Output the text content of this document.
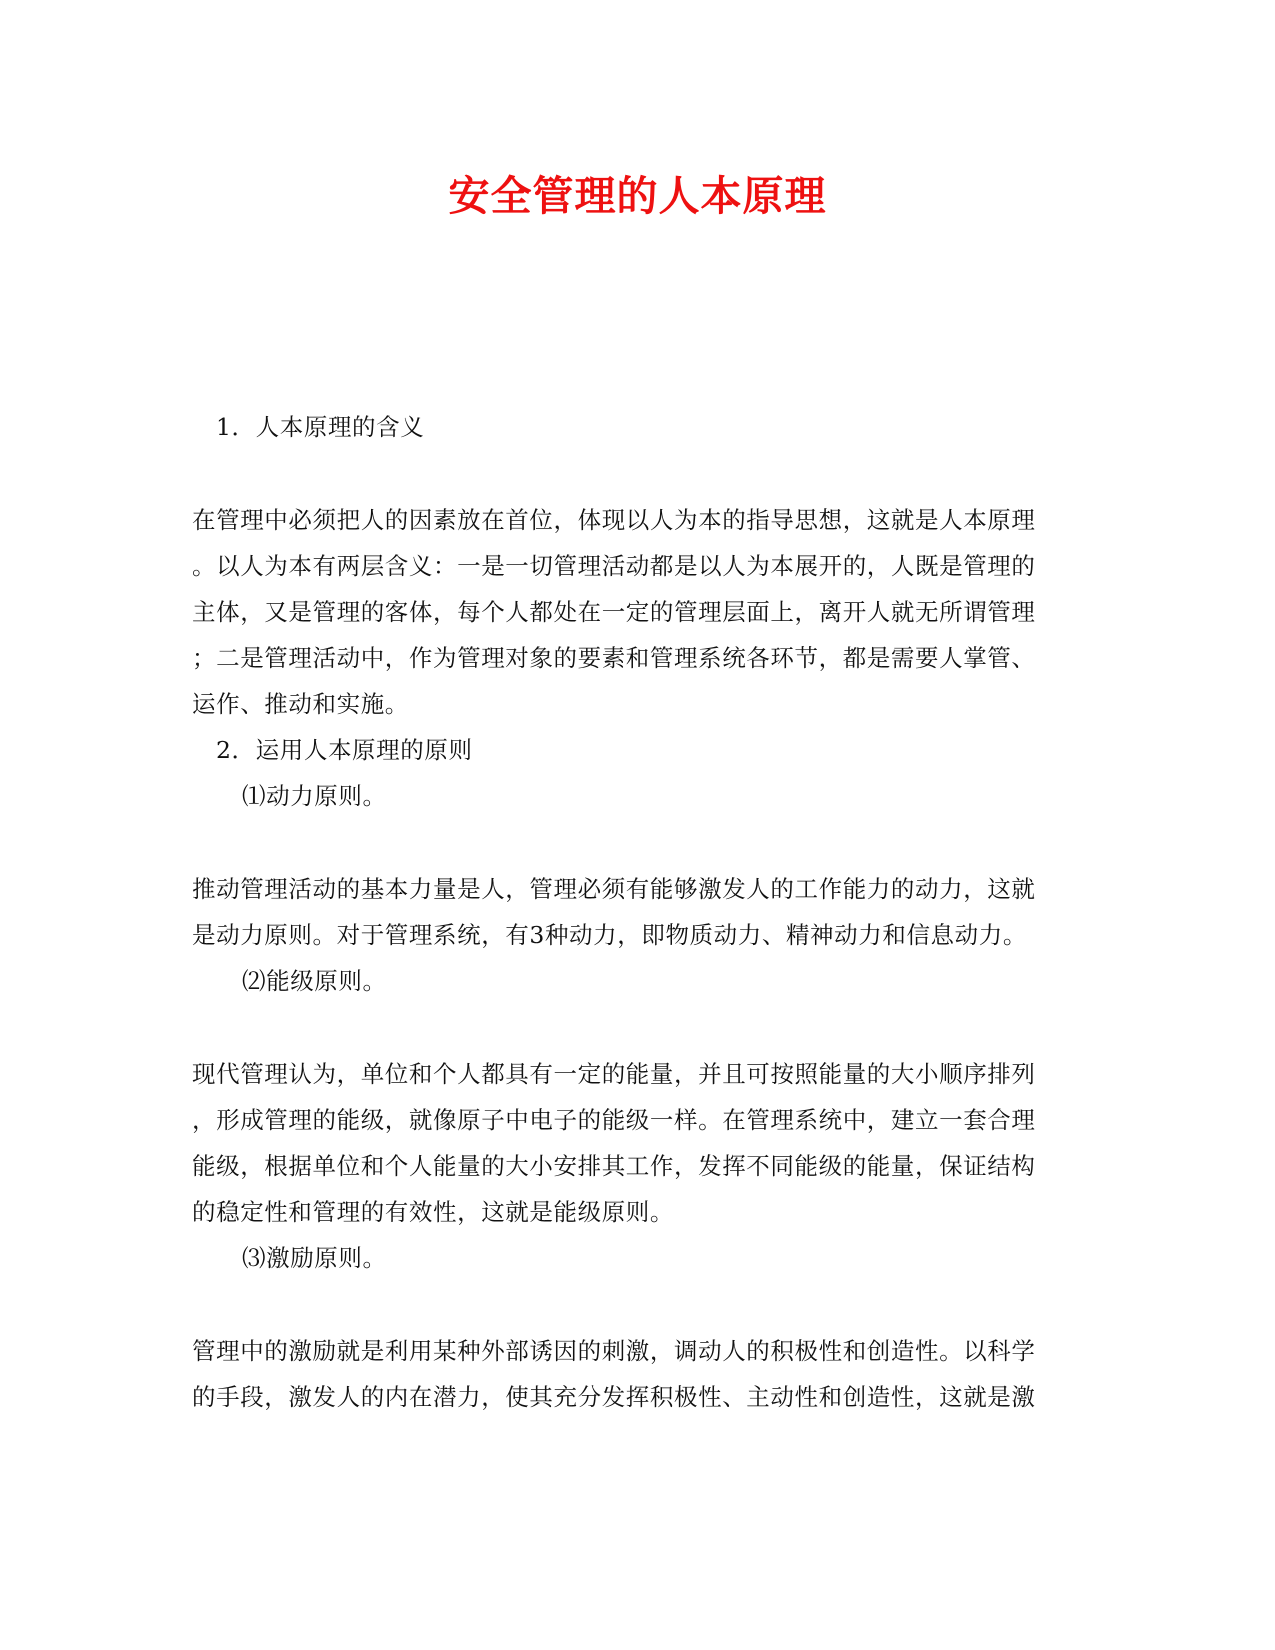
安全管理的人本原理
1．人本原理的含义
在管理中必须把人的因素放在首位，体现以人为本的指导思想，这就是人本原理
。以人为本有两层含义：一是一切管理活动都是以人为本展开的，人既是管理的
主体，又是管理的客体，每个人都处在一定的管理层面上，离开人就无所谓管理
；二是管理活动中，作为管理对象的要素和管理系统各环节，都是需要人掌管、
运作、推动和实施。
2．运用人本原理的原则
⑴动力原则。
推动管理活动的基本力量是人，管理必须有能够激发人的工作能力的动力，这就
是动力原则。对于管理系统，有3种动力，即物质动力、精神动力和信息动力。
⑵能级原则。
现代管理认为，单位和个人都具有一定的能量，并且可按照能量的大小顺序排列
，形成管理的能级，就像原子中电子的能级一样。在管理系统中，建立一套合理
能级，根据单位和个人能量的大小安排其工作，发挥不同能级的能量，保证结构
的稳定性和管理的有效性，这就是能级原则。
⑶激励原则。
管理中的激励就是利用某种外部诱因的刺激，调动人的积极性和创造性。以科学
的手段，激发人的内在潜力，使其充分发挥积极性、主动性和创造性，这就是激
